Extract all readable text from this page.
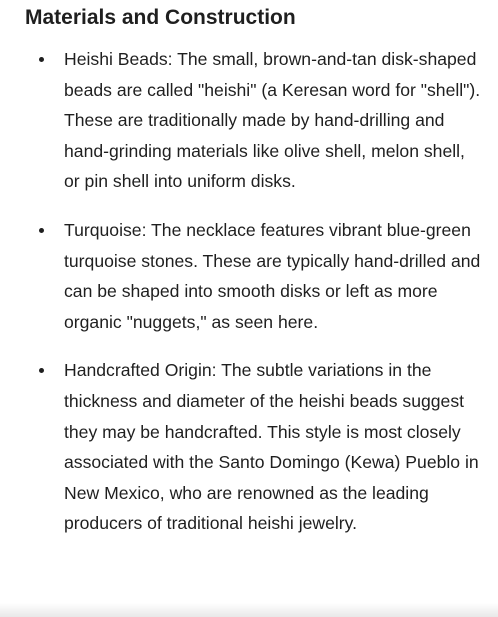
Materials and Construction
Heishi Beads: The small, brown-and-tan disk-shaped beads are called "heishi" (a Keresan word for "shell"). These are traditionally made by hand-drilling and hand-grinding materials like olive shell, melon shell, or pin shell into uniform disks.
Turquoise: The necklace features vibrant blue-green turquoise stones. These are typically hand-drilled and can be shaped into smooth disks or left as more organic "nuggets," as seen here.
Handcrafted Origin: The subtle variations in the thickness and diameter of the heishi beads suggest they may be handcrafted. This style is most closely associated with the Santo Domingo (Kewa) Pueblo in New Mexico, who are renowned as the leading producers of traditional heishi jewelry.
